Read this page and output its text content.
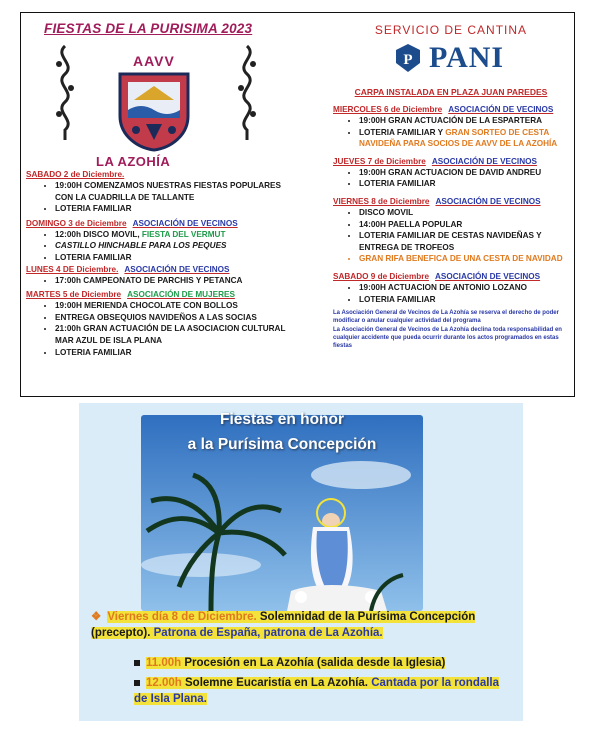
FIESTAS DE LA PURISIMA 2023
AAVV
LA AZOHÍA
SABADO 2 de Diciembre.
• 19:00H COMENZAMOS NUESTRAS FIESTAS POPULARES CON LA CUADRILLA DE TALLANTE
• LOTERIA FAMILIAR
DOMINGO 3 de Diciembre ASOCIACIÓN DE VECINOS
• 12:00h DISCO MOVIL, FIESTA DEL VERMUT
• CASTILLO HINCHABLE PARA LOS PEQUES
• LOTERIA FAMILIAR
LUNES 4 DE Diciembre. ASOCIACIÓN DE VECINOS
• 17:00h CAMPEONATO DE PARCHIS Y PETANCA
MARTES 5 de Diciembre ASOCIACIÓN DE MUJERES
• 19:00H MERIENDA CHOCOLATE CON BOLLOS
• ENTREGA OBSEQUIOS NAVIDEÑOS A LAS SOCIAS
• 21:00h GRAN ACTUACIÓN DE LA ASOCIACION CULTURAL MAR AZUL DE ISLA PLANA
• LOTERIA FAMILIAR
SERVICIO DE CANTINA
P PANI
CARPA INSTALADA EN PLAZA JUAN PAREDES
MIERCOLES 6 de Diciembre ASOCIACIÓN DE VECINOS
• 19:00H GRAN ACTUACIÓN DE LA ESPARTERA
• LOTERIA FAMILIAR Y GRAN SORTEO DE CESTA NAVIDEÑA PARA SOCIOS DE AAVV DE LA AZOHÍA
JUEVES 7 de Diciembre ASOCIACIÓN DE VECINOS
• 19:00H GRAN ACTUACION DE DAVID ANDREU
• LOTERIA FAMILIAR
VIERNES 8 de Diciembre ASOCIACIÓN DE VECINOS
• DISCO MOVIL
• 14:00H PAELLA POPULAR
• LOTERIA FAMILIAR DE CESTAS NAVIDEÑAS Y ENTREGA DE TROFEOS
• GRAN RIFA BENEFICA DE UNA CESTA DE NAVIDAD
SABADO 9 de Diciembre ASOCIACIÓN DE VECINOS
• 19:00H ACTUACION DE ANTONIO LOZANO
• LOTERIA FAMILIAR
La Asociación General de Vecinos de La Azohía se reserva el derecho de poder modificar o anular cualquier actividad del programa
La Asociación General de Vecinos de La Azohía declina toda responsabilidad en cualquier accidente que pueda ocurrir durante los actos programados en estas fiestas
Fiestas en honor
a la Purísima Concepción
❖ Viernes día 8 de Diciembre. Solemnidad de la Purísima Concepción (precepto). Patrona de España, patrona de La Azohía.
11.00h Procesión en La Azohía (salida desde la Iglesia)
12.00h Solemne Eucaristía en La Azohía. Cantada por la rondalla de Isla Plana.
